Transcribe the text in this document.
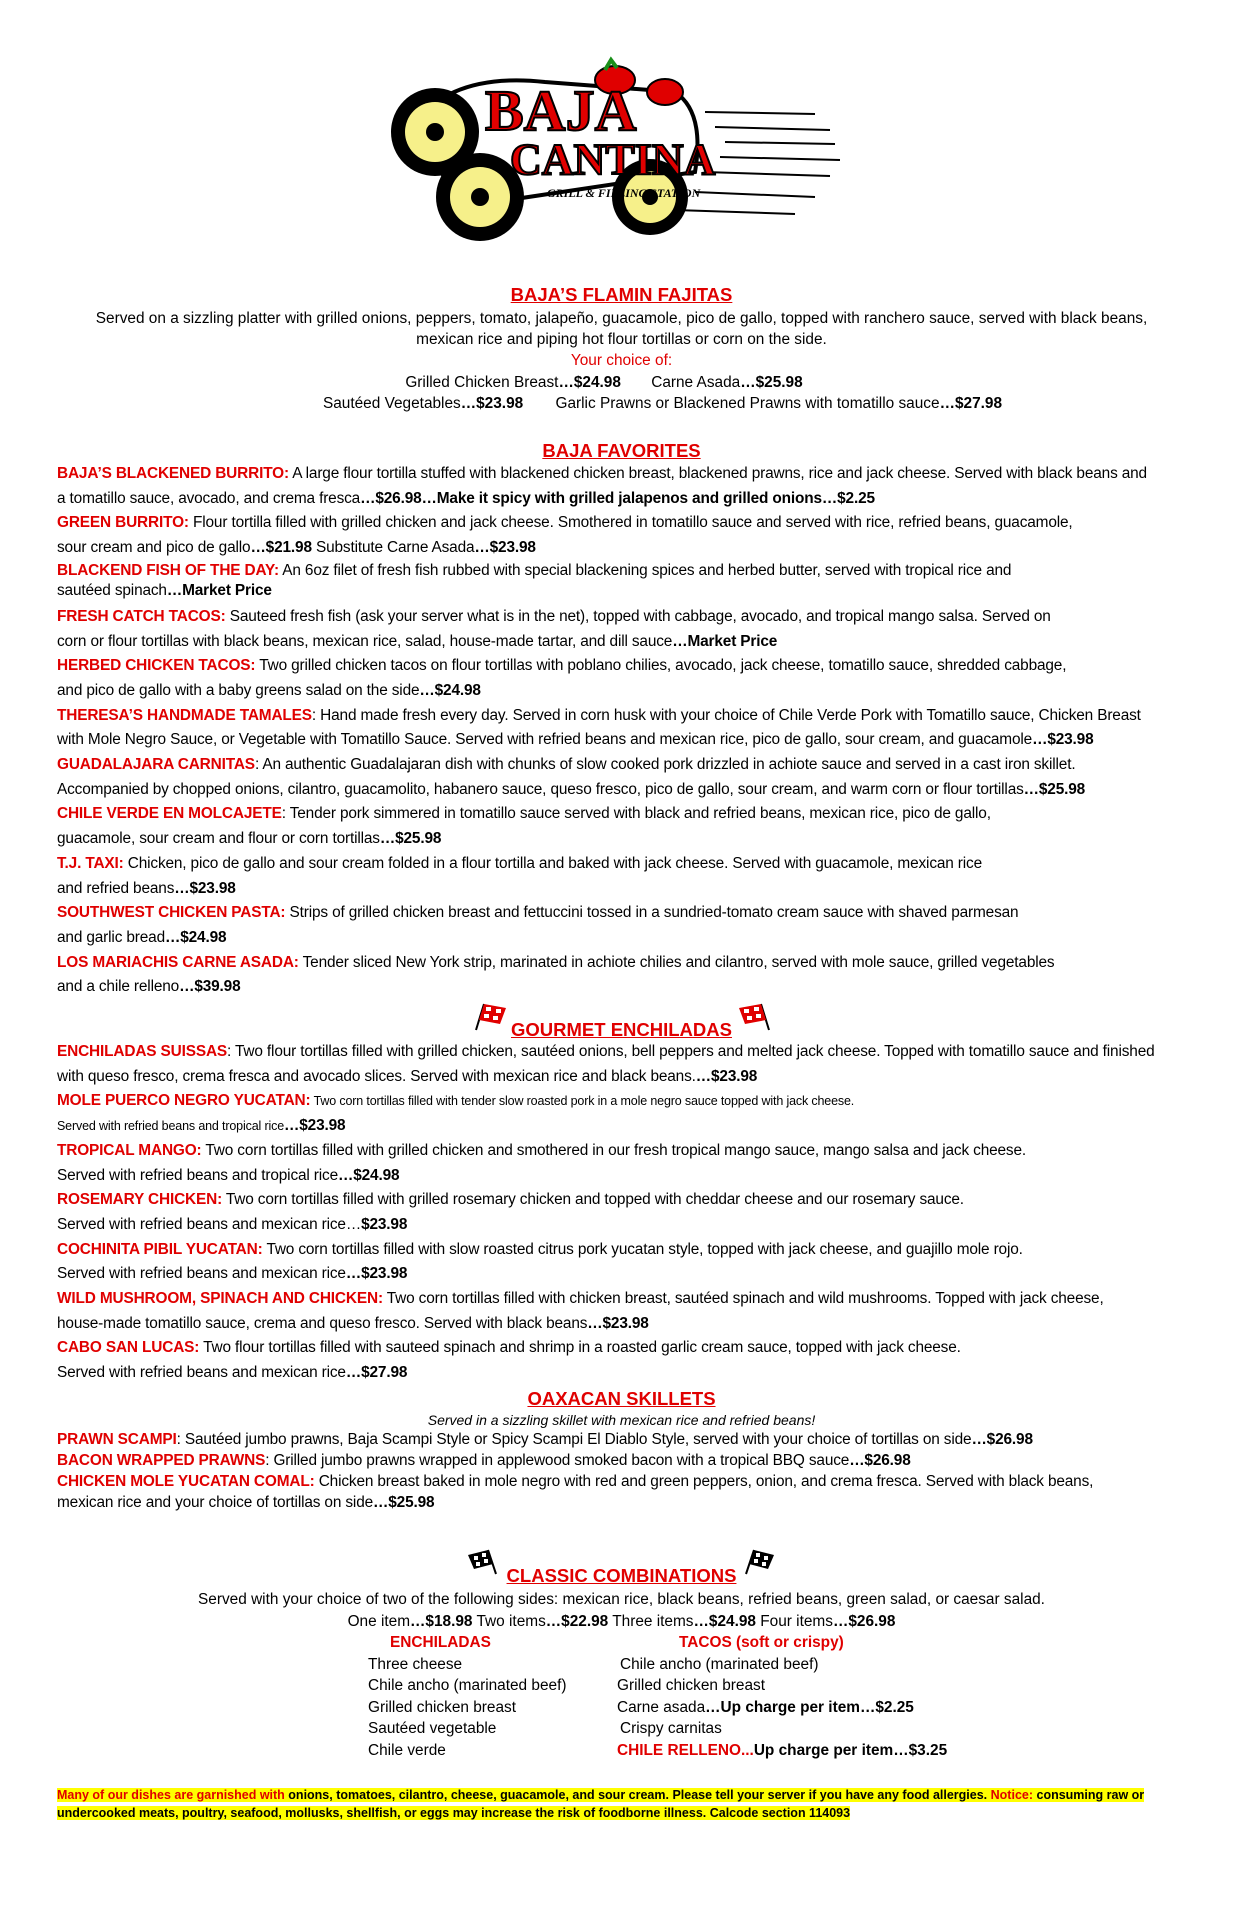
BAJA
CANTINA
GRILL & FILLING STATION
BAJA’S FLAMIN FAJITAS
Served on a sizzling platter with grilled onions, peppers, tomato, jalapeño, guacamole, pico de gallo, topped with ranchero sauce, served with black beans,
mexican rice and piping hot flour tortillas or corn on the side.
Your choice of:
Grilled Chicken Breast…$24.98 Carne Asada…$25.98
Sautéed Vegetables…$23.98 Garlic Prawns or Blackened Prawns with tomatillo sauce…$27.98
BAJA FAVORITES

BAJA’S BLACKENED BURRITO: A large flour tortilla stuffed with blackened chicken breast, blackened prawns, rice and jack cheese. Served with black beans and
a tomatillo sauce, avocado, and crema fresca…$26.98…Make it spicy with grilled jalapenos and grilled onions…$2.25

GREEN BURRITO: Flour tortilla filled with grilled chicken and jack cheese. Smothered in tomatillo sauce and served with rice, refried beans, guacamole,
sour cream and pico de gallo…$21.98 Substitute Carne Asada…$23.98

BLACKEND FISH OF THE DAY: An 6oz filet of fresh fish rubbed with special blackening spices and herbed butter, served with tropical rice and
sautéed spinach…Market Price

FRESH CATCH TACOS: Sauteed fresh fish (ask your server what is in the net), topped with cabbage, avocado, and tropical mango salsa. Served on
corn or flour tortillas with black beans, mexican rice, salad, house-made tartar, and dill sauce…Market Price

HERBED CHICKEN TACOS: Two grilled chicken tacos on flour tortillas with poblano chilies, avocado, jack cheese, tomatillo sauce, shredded cabbage,
and pico de gallo with a baby greens salad on the side…$24.98

THERESA’S HANDMADE TAMALES: Hand made fresh every day. Served in corn husk with your choice of Chile Verde Pork with Tomatillo sauce, Chicken Breast
with Mole Negro Sauce, or Vegetable with Tomatillo Sauce. Served with refried beans and mexican rice, pico de gallo, sour cream, and guacamole…$23.98

GUADALAJARA CARNITAS: An authentic Guadalajaran dish with chunks of slow cooked pork drizzled in achiote sauce and served in a cast iron skillet.
Accompanied by chopped onions, cilantro, guacamolito, habanero sauce, queso fresco, pico de gallo, sour cream, and warm corn or flour tortillas…$25.98

CHILE VERDE EN MOLCAJETE: Tender pork simmered in tomatillo sauce served with black and refried beans, mexican rice, pico de gallo,
guacamole, sour cream and flour or corn tortillas…$25.98

T.J. TAXI: Chicken, pico de gallo and sour cream folded in a flour tortilla and baked with jack cheese. Served with guacamole, mexican rice
and refried beans…$23.98

SOUTHWEST CHICKEN PASTA: Strips of grilled chicken breast and fettuccini tossed in a sundried-tomato cream sauce with shaved parmesan
and garlic bread…$24.98

LOS MARIACHIS CARNE ASADA: Tender sliced New York strip, marinated in achiote chilies and cilantro, served with mole sauce, grilled vegetables
and a chile relleno…$39.98

GOURMET ENCHILADAS

ENCHILADAS SUISSAS: Two flour tortillas filled with grilled chicken, sautéed onions, bell peppers and melted jack cheese. Topped with tomatillo sauce and finished
with queso fresco, crema fresca and avocado slices. Served with mexican rice and black beans.…$23.98

MOLE PUERCO NEGRO YUCATAN: Two corn tortillas filled with tender slow roasted pork in a mole negro sauce topped with jack cheese.
Served with refried beans and tropical rice…$23.98

TROPICAL MANGO: Two corn tortillas filled with grilled chicken and smothered in our fresh tropical mango sauce, mango salsa and jack cheese.
Served with refried beans and tropical rice…$24.98

ROSEMARY CHICKEN: Two corn tortillas filled with grilled rosemary chicken and topped with cheddar cheese and our rosemary sauce.
Served with refried beans and mexican rice…$23.98

COCHINITA PIBIL YUCATAN: Two corn tortillas filled with slow roasted citrus pork yucatan style, topped with jack cheese, and guajillo mole rojo.
Served with refried beans and mexican rice…$23.98

WILD MUSHROOM, SPINACH AND CHICKEN: Two corn tortillas filled with chicken breast, sautéed spinach and wild mushrooms. Topped with jack cheese,
house-made tomatillo sauce, crema and queso fresco. Served with black beans…$23.98

CABO SAN LUCAS: Two flour tortillas filled with sauteed spinach and shrimp in a roasted garlic cream sauce, topped with jack cheese.
Served with refried beans and mexican rice…$27.98

OAXACAN SKILLETS
Served in a sizzling skillet with mexican rice and refried beans!

PRAWN SCAMPI: Sautéed jumbo prawns, Baja Scampi Style or Spicy Scampi El Diablo Style, served with your choice of tortillas on side…$26.98

BACON WRAPPED PRAWNS: Grilled jumbo prawns wrapped in applewood smoked bacon with a tropical BBQ sauce…$26.98

CHICKEN MOLE YUCATAN COMAL: Chicken breast baked in mole negro with red and green peppers, onion, and crema fresca. Served with black beans,
mexican rice and your choice of tortillas on side…$25.98

CLASSIC COMBINATIONS
Served with your choice of two of the following sides: mexican rice, black beans, refried beans, green salad, or caesar salad.
One item…$18.98 Two items…$22.98 Three items…$24.98 Four items…$26.98
ENCHILADAS
Three cheese
Chile ancho (marinated beef)
Grilled chicken breast
Sautéed vegetable
Chile verde
TACOS (soft or crispy)
Chile ancho (marinated beef)
Grilled chicken breast
Carne asada…Up charge per item…$2.25
Crispy carnitas
CHILE RELLENO...Up charge per item…$3.25
Many of our dishes are garnished with onions, tomatoes, cilantro, cheese, guacamole, and sour cream. Please tell your server if you have any food allergies. Notice: consuming raw or undercooked meats, poultry, seafood, mollusks, shellfish, or eggs may increase the risk of foodborne illness. Calcode section 114093
